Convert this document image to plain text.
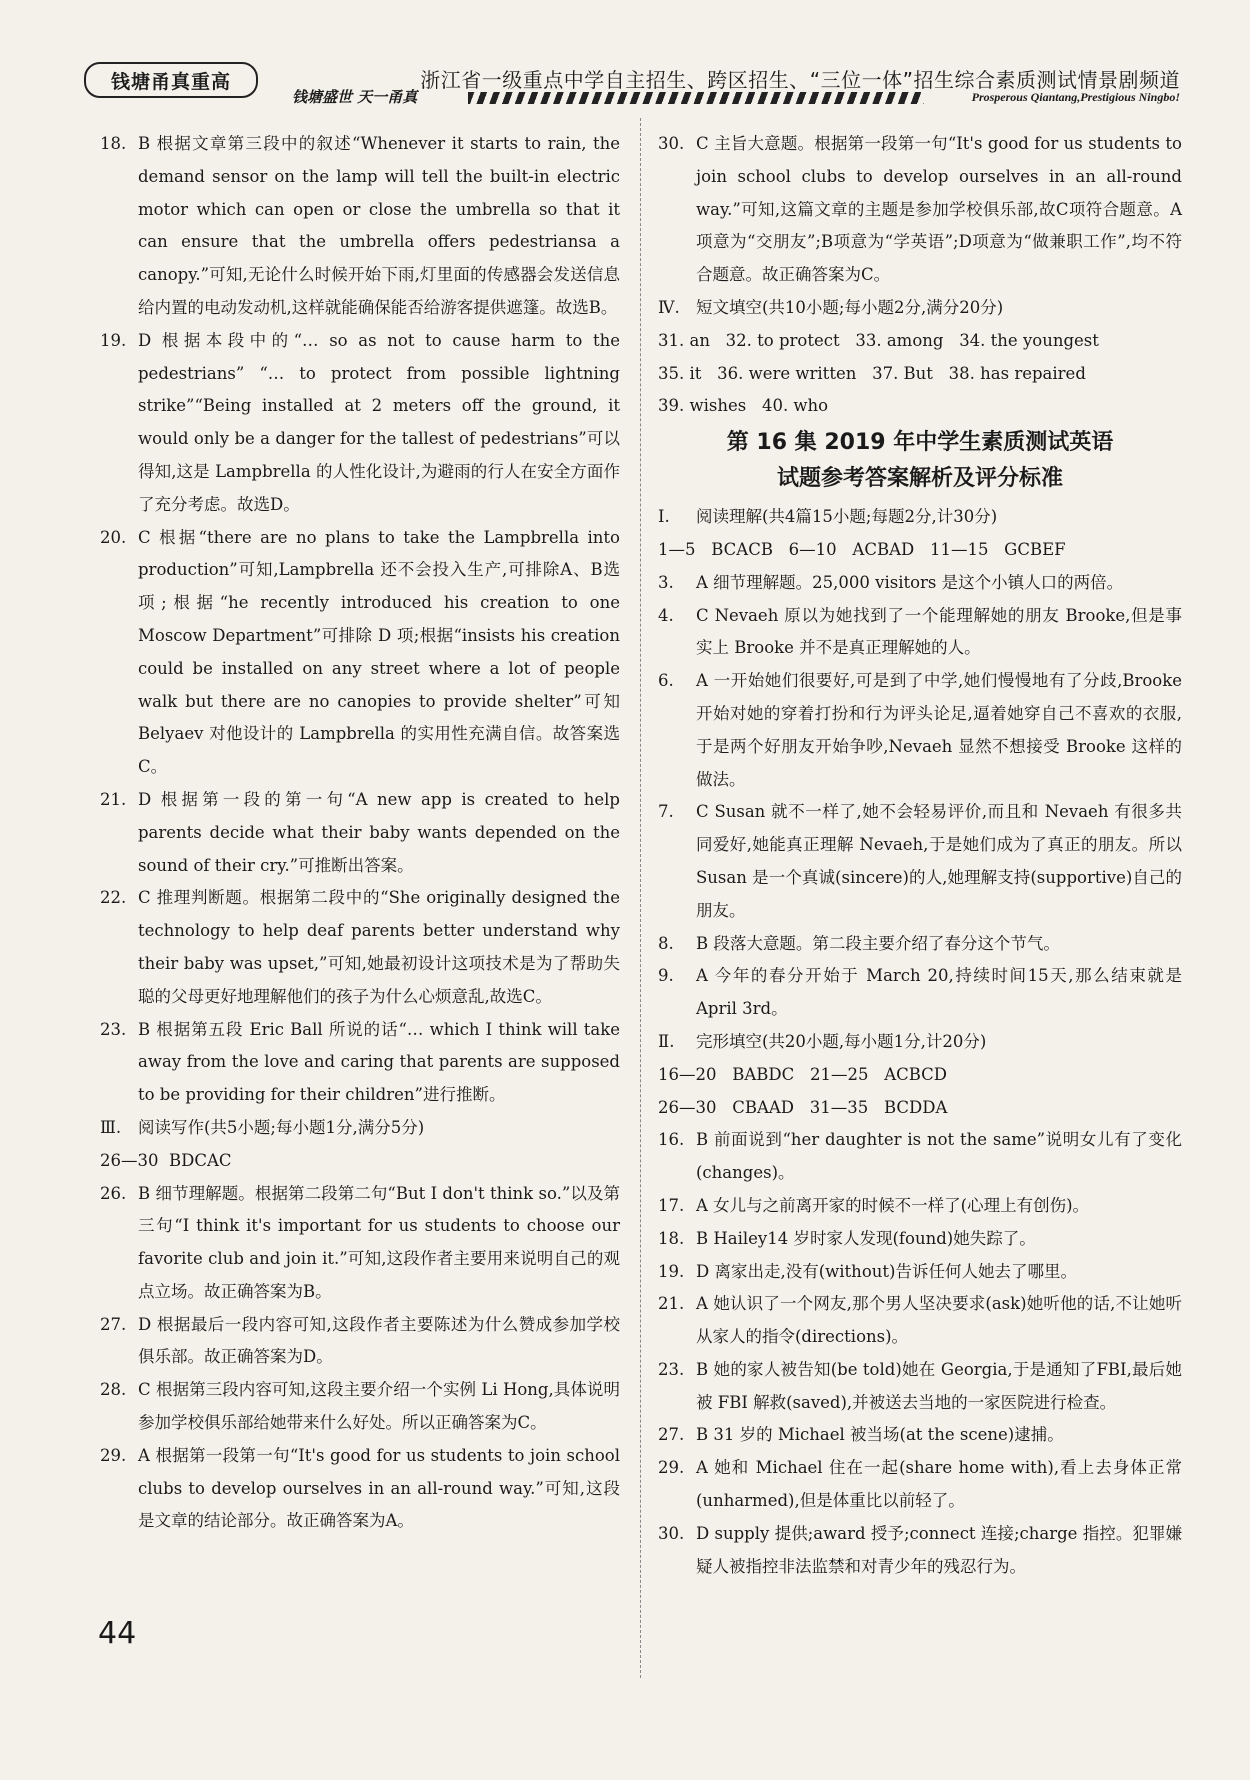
钱塘甬真重高
钱塘盛世 天一甬真
浙江省一级重点中学自主招生、跨区招生、“三位一体”招生综合素质测试情景剧频道
Prosperous Qiantang,Prestigious Ningbo!
18. B 根据文章第三段中的叙述“Whenever it starts to rain, the demand sensor on the lamp will tell the built-in electric motor which can open or close the umbrella so that it can ensure that the umbrella offers pedestriansa a canopy.”可知,无论什么时候开始下雨,灯里面的传感器会发送信息给内置的电动发动机,这样就能确保能否给游客提供遮篷。故选B。
19. D 根据本段中的“… so as not to cause harm to the pedestrians” “… to protect from possible lightning strike”“Being installed at 2 meters off the ground, it would only be a danger for the tallest of pedestrians”可以得知,这是 Lampbrella 的人性化设计,为避雨的行人在安全方面作了充分考虑。故选D。
20. C 根据“there are no plans to take the Lampbrella into production”可知,Lampbrella 还不会投入生产,可排除A、B选项;根据“he recently introduced his creation to one Moscow Department”可排除 D 项;根据“insists his creation could be installed on any street where a lot of people walk but there are no canopies to provide shelter”可知 Belyaev 对他设计的 Lampbrella 的实用性充满自信。故答案选C。
21. D 根据第一段的第一句“A new app is created to help parents decide what their baby wants depended on the sound of their cry.”可推断出答案。
22. C 推理判断题。根据第二段中的“She originally designed the technology to help deaf parents better understand why their baby was upset,”可知,她最初设计这项技术是为了帮助失聪的父母更好地理解他们的孩子为什么心烦意乱,故选C。
23. B 根据第五段 Eric Ball 所说的话“… which I think will take away from the love and caring that parents are supposed to be providing for their children”进行推断。
Ⅲ.	阅读写作(共5小题;每小题1分,满分5分)
26—30  BDCAC
26. B 细节理解题。根据第二段第二句“But I don't think so.”以及第三句“I think it's important for us students to choose our favorite club and join it.”可知,这段作者主要用来说明自己的观点立场。故正确答案为B。
27. D 根据最后一段内容可知,这段作者主要陈述为什么赞成参加学校俱乐部。故正确答案为D。
28. C 根据第三段内容可知,这段主要介绍一个实例 Li Hong,具体说明参加学校俱乐部给她带来什么好处。所以正确答案为C。
29. A 根据第一段第一句“It's good for us students to join school clubs to develop ourselves in an all-round way.”可知,这段是文章的结论部分。故正确答案为A。
30. C 主旨大意题。根据第一段第一句“It's good for us students to join school clubs to develop ourselves in an all-round way.”可知,这篇文章的主题是参加学校俱乐部,故C项符合题意。A项意为“交朋友”;B项意为“学英语”;D项意为“做兼职工作”,均不符合题意。故正确答案为C。
Ⅳ. 短文填空(共10小题;每小题2分,满分20分)
31. an   32. to protect   33. among   34. the youngest
35. it   36. were written   37. But   38. has repaired
39. wishes   40. who
第 16 集 2019 年中学生素质测试英语
试题参考答案解析及评分标准
Ⅰ.	阅读理解(共4篇15小题;每题2分,计30分)
1—5   BCACB   6—10   ACBAD   11—15   GCBEF
3.	A 细节理解题。25,000 visitors 是这个小镇人口的两倍。
4.	C Nevaeh 原以为她找到了一个能理解她的朋友 Brooke,但是事实上 Brooke 并不是真正理解她的人。
6.	A 一开始她们很要好,可是到了中学,她们慢慢地有了分歧,Brooke 开始对她的穿着打扮和行为评头论足,逼着她穿自己不喜欢的衣服,于是两个好朋友开始争吵,Nevaeh 显然不想接受 Brooke 这样的做法。
7.	C Susan 就不一样了,她不会轻易评价,而且和 Nevaeh 有很多共同爱好,她能真正理解 Nevaeh,于是她们成为了真正的朋友。所以 Susan 是一个真诚(sincere)的人,她理解支持(supportive)自己的朋友。
8.	B 段落大意题。第二段主要介绍了春分这个节气。
9.	A 今年的春分开始于 March 20,持续时间15天,那么结束就是 April 3rd。
Ⅱ.	完形填空(共20小题,每小题1分,计20分)
16—20   BABDC   21—25   ACBCD
26—30   CBAAD   31—35   BCDDA
16. B 前面说到“her daughter is not the same”说明女儿有了变化(changes)。
17. A 女儿与之前离开家的时候不一样了(心理上有创伤)。
18. B Hailey14 岁时家人发现(found)她失踪了。
19. D 离家出走,没有(without)告诉任何人她去了哪里。
21. A 她认识了一个网友,那个男人坚决要求(ask)她听他的话,不让她听从家人的指令(directions)。
23. B 她的家人被告知(be told)她在 Georgia,于是通知了FBI,最后她被 FBI 解救(saved),并被送去当地的一家医院进行检查。
27. B 31 岁的 Michael 被当场(at the scene)逮捕。
29. A 她和 Michael 住在一起(share home with),看上去身体正常(unharmed),但是体重比以前轻了。
30. D supply 提供;award 授予;connect 连接;charge 指控。犯罪嫌疑人被指控非法监禁和对青少年的残忍行为。
44
